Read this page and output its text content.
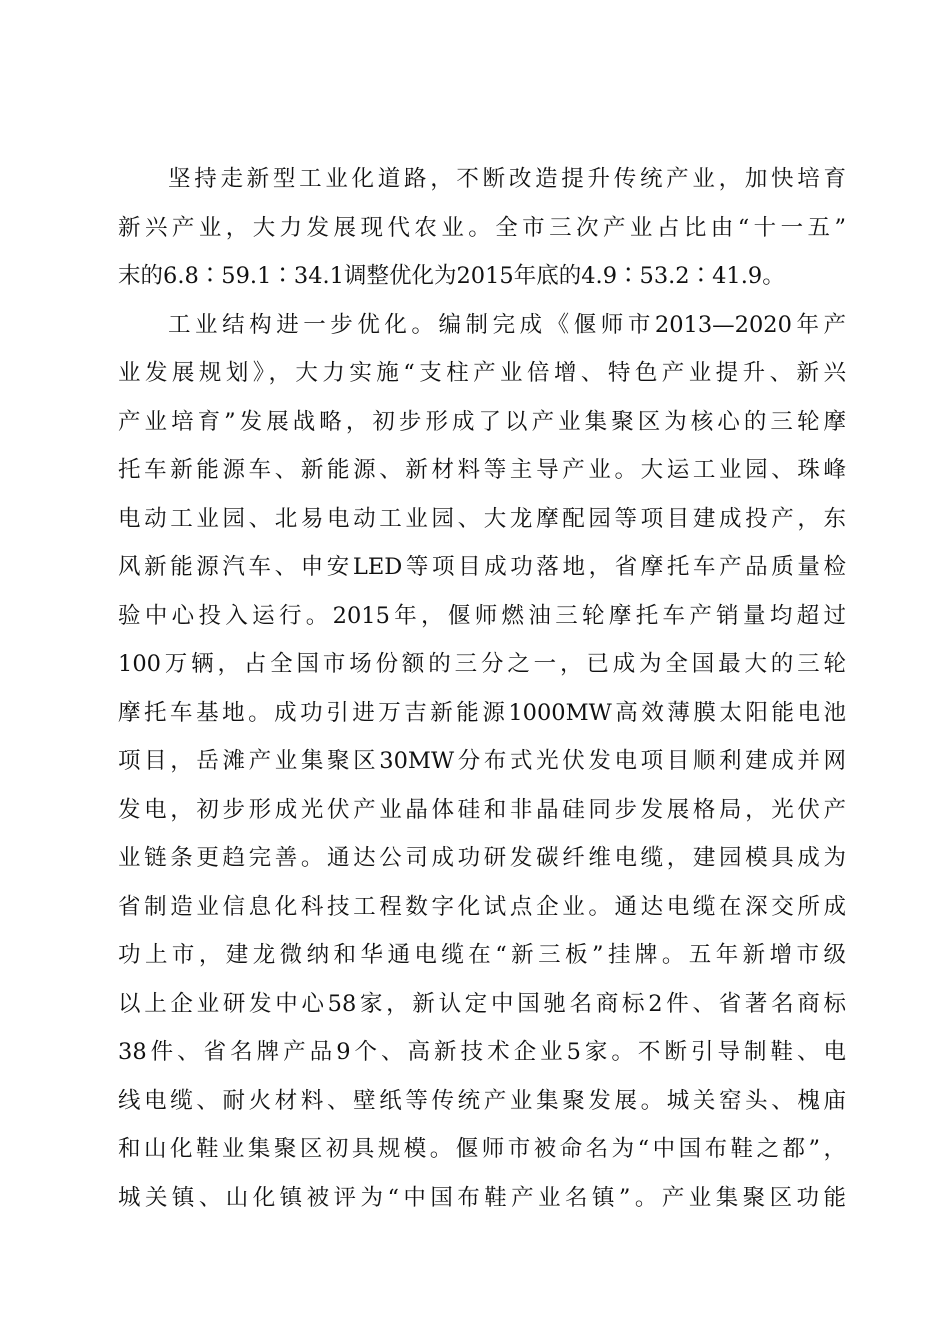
坚持走新型工业化道路，不断改造提升传统产业，加快培育
新兴产业，大力发展现代农业。全市三次产业占比由“十一五”
末的6.8∶59.1∶34.1调整优化为2015年底的4.9∶53.2∶41.9。
工业结构进一步优化。编制完成《偃师市2013—2020年产
业发展规划》，大力实施“支柱产业倍增、特色产业提升、新兴
产业培育”发展战略，初步形成了以产业集聚区为核心的三轮摩
托车新能源车、新能源、新材料等主导产业。大运工业园、珠峰
电动工业园、北易电动工业园、大龙摩配园等项目建成投产，东
风新能源汽车、申安LED等项目成功落地，省摩托车产品质量检
验中心投入运行。2015年，偃师燃油三轮摩托车产销量均超过
100万辆，占全国市场份额的三分之一，已成为全国最大的三轮
摩托车基地。成功引进万吉新能源1000MW高效薄膜太阳能电池
项目，岳滩产业集聚区30MW分布式光伏发电项目顺利建成并网
发电，初步形成光伏产业晶体硅和非晶硅同步发展格局，光伏产
业链条更趋完善。通达公司成功研发碳纤维电缆，建园模具成为
省制造业信息化科技工程数字化试点企业。通达电缆在深交所成
功上市，建龙微纳和华通电缆在“新三板”挂牌。五年新增市级
以上企业研发中心58家，新认定中国驰名商标2件、省著名商标
38件、省名牌产品9个、高新技术企业5家。不断引导制鞋、电
线电缆、耐火材料、壁纸等传统产业集聚发展。城关窑头、槐庙
和山化鞋业集聚区初具规模。偃师市被命名为“中国布鞋之都”，
城关镇、山化镇被评为“中国布鞋产业名镇”。产业集聚区功能
